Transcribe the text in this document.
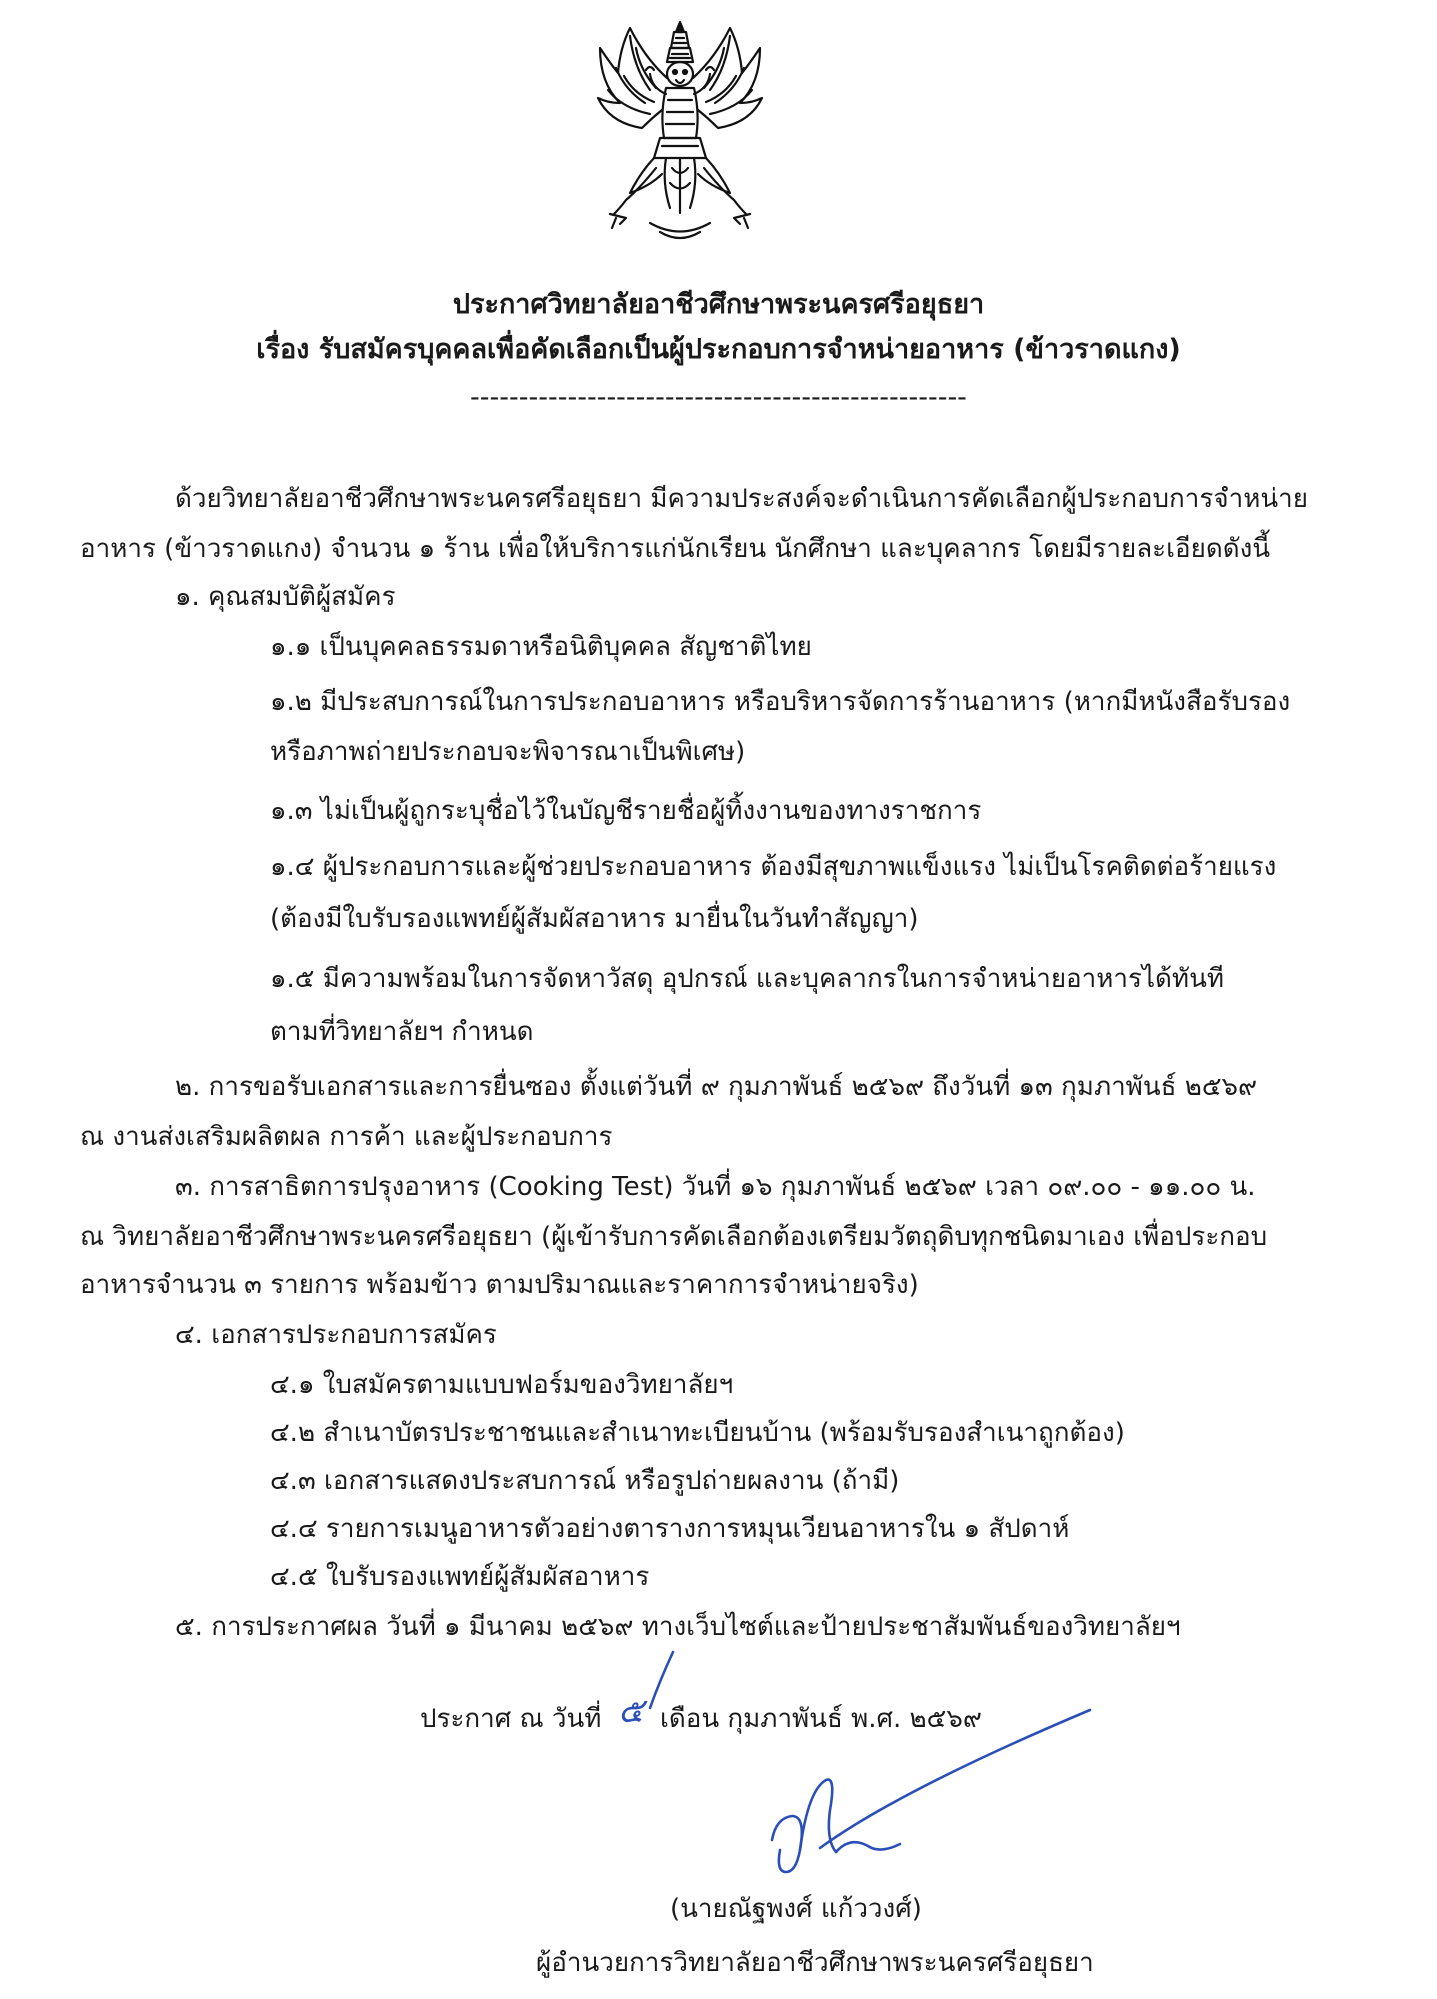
ประกาศวิทยาลัยอาชีวศึกษาพระนครศรีอยุธยา
เรื่อง รับสมัครบุคคลเพื่อคัดเลือกเป็นผู้ประกอบการจำหน่ายอาหาร (ข้าวราดแกง)
---------------------------------------------------
ด้วยวิทยาลัยอาชีวศึกษาพระนครศรีอยุธยา มีความประสงค์จะดำเนินการคัดเลือกผู้ประกอบการจำหน่าย
อาหาร (ข้าวราดแกง) จำนวน ๑ ร้าน เพื่อให้บริการแก่นักเรียน นักศึกษา และบุคลากร โดยมีรายละเอียดดังนี้
๑. คุณสมบัติผู้สมัคร
๑.๑ เป็นบุคคลธรรมดาหรือนิติบุคคล สัญชาติไทย
๑.๒ มีประสบการณ์ในการประกอบอาหาร หรือบริหารจัดการร้านอาหาร (หากมีหนังสือรับรอง
หรือภาพถ่ายประกอบจะพิจารณาเป็นพิเศษ)
๑.๓ ไม่เป็นผู้ถูกระบุชื่อไว้ในบัญชีรายชื่อผู้ทิ้งงานของทางราชการ
๑.๔ ผู้ประกอบการและผู้ช่วยประกอบอาหาร ต้องมีสุขภาพแข็งแรง ไม่เป็นโรคติดต่อร้ายแรง
(ต้องมีใบรับรองแพทย์ผู้สัมผัสอาหาร มายื่นในวันทำสัญญา)
๑.๕ มีความพร้อมในการจัดหาวัสดุ อุปกรณ์ และบุคลากรในการจำหน่ายอาหารได้ทันที
ตามที่วิทยาลัยฯ กำหนด
๒. การขอรับเอกสารและการยื่นซอง ตั้งแต่วันที่ ๙ กุมภาพันธ์ ๒๕๖๙ ถึงวันที่ ๑๓ กุมภาพันธ์ ๒๕๖๙
ณ งานส่งเสริมผลิตผล การค้า และผู้ประกอบการ
๓. การสาธิตการปรุงอาหาร (Cooking Test) วันที่ ๑๖ กุมภาพันธ์ ๒๕๖๙ เวลา ๐๙.๐๐ - ๑๑.๐๐ น.
ณ วิทยาลัยอาชีวศึกษาพระนครศรีอยุธยา (ผู้เข้ารับการคัดเลือกต้องเตรียมวัตถุดิบทุกชนิดมาเอง เพื่อประกอบ
อาหารจำนวน ๓ รายการ พร้อมข้าว ตามปริมาณและราคาการจำหน่ายจริง)
๔. เอกสารประกอบการสมัคร
๔.๑ ใบสมัครตามแบบฟอร์มของวิทยาลัยฯ
๔.๒ สำเนาบัตรประชาชนและสำเนาทะเบียนบ้าน (พร้อมรับรองสำเนาถูกต้อง)
๔.๓ เอกสารแสดงประสบการณ์ หรือรูปถ่ายผลงาน (ถ้ามี)
๔.๔ รายการเมนูอาหารตัวอย่างตารางการหมุนเวียนอาหารใน ๑ สัปดาห์
๔.๕ ใบรับรองแพทย์ผู้สัมผัสอาหาร
๕. การประกาศผล วันที่ ๑ มีนาคม ๒๕๖๙ ทางเว็บไซต์และป้ายประชาสัมพันธ์ของวิทยาลัยฯ
ประกาศ ณ วันที่ ๕ เดือน กุมภาพันธ์ พ.ศ. ๒๕๖๙
(นายณัฐพงศ์ แก้ววงศ์)
ผู้อำนวยการวิทยาลัยอาชีวศึกษาพระนครศรีอยุธยา
